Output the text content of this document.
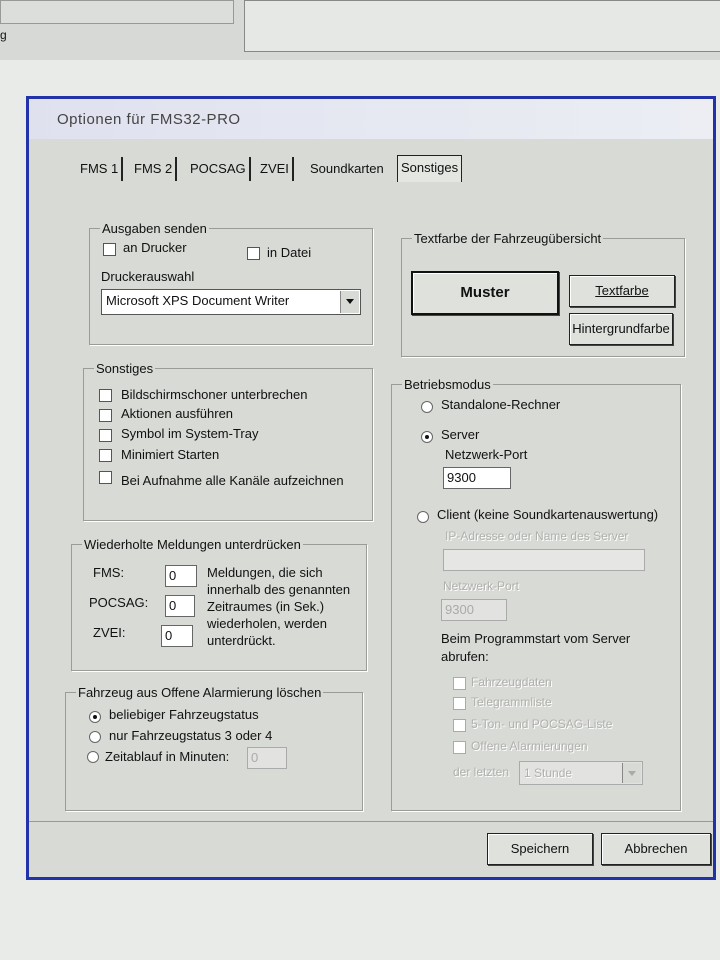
g
Optionen für FMS32-PRO
FMS 1	FMS 2	POCSAG	ZVEI	Soundkarten	Sonstiges
Ausgaben senden
an Drucker	in Datei
Druckerauswahl
Microsoft XPS Document Writer
Textfarbe der Fahrzeugübersicht
Muster	Textfarbe
Hintergrundfarbe
Sonstiges
Bildschirmschoner unterbrechen
Aktionen ausführen
Symbol im System-Tray
Minimiert Starten
Bei Aufnahme alle Kanäle aufzeichnen
Wiederholte Meldungen unterdrücken
FMS:	0
POCSAG:	0
ZVEI:	0
Meldungen, die sich
innerhalb des genannten
Zeitraumes (in Sek.)
wiederholen, werden
unterdrückt.
Fahrzeug aus Offene Alarmierung löschen
beliebiger Fahrzeugstatus
nur Fahrzeugstatus 3 oder 4
Zeitablauf in Minuten:	0
Betriebsmodus
Standalone-Rechner
Server
Netzwerk-Port
9300
Client (keine Soundkartenauswertung)
IP-Adresse oder Name des Server
Netzwerk-Port
9300
Beim Programmstart vom Server
abrufen:
Fahrzeugdaten
Telegrammliste
5-Ton- und POCSAG-Liste
Offene Alarmierungen
der letzten	1 Stunde
Speichern	Abbrechen
